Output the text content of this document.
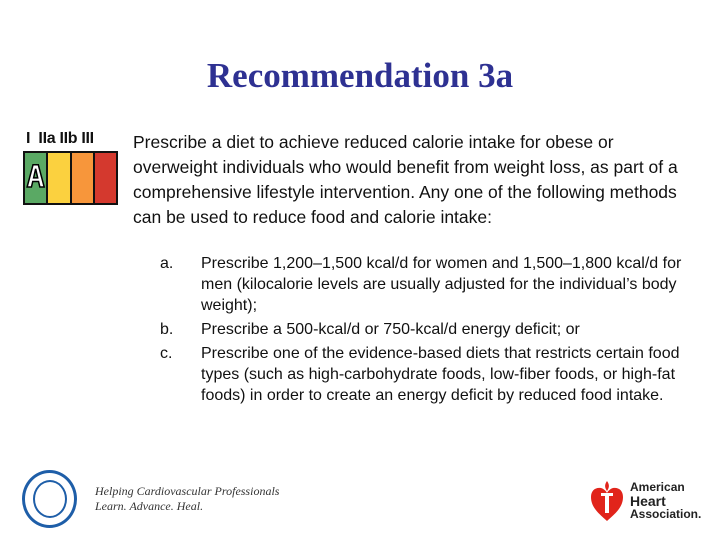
Recommendation 3a
I  IIa IIb III
A
Prescribe a diet to achieve reduced calorie intake for obese or overweight individuals who would benefit from weight loss, as part of a comprehensive lifestyle intervention. Any one of the following methods can be used to reduce food and calorie intake:
a.	Prescribe 1,200–1,500 kcal/d for women and 1,500–1,800 kcal/d for men (kilocalorie levels are usually adjusted for the individual’s body weight);
b.	Prescribe a 500-kcal/d or 750-kcal/d energy deficit; or
c.	Prescribe one of the evidence-based diets that restricts certain food types (such as high-carbohydrate foods, low-fiber foods, or high-fat foods) in order to create an energy deficit by reduced food intake.
Helping Cardiovascular Professionals
Learn. Advance. Heal.
American
Heart
Association.
